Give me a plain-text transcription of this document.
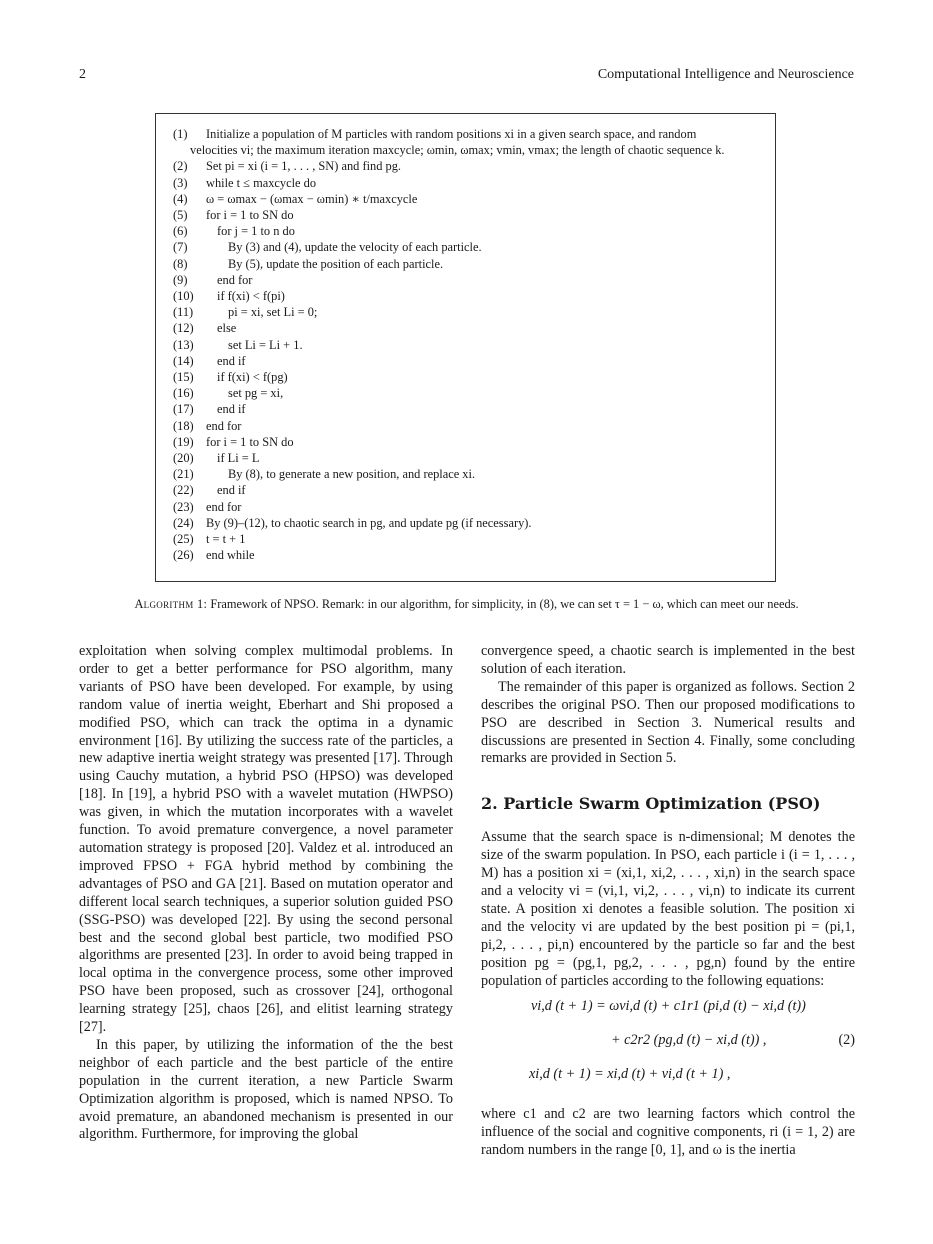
2	Computational Intelligence and Neuroscience
(1) Initialize a population of M particles with random positions xi in a given search space, and random
velocities vi; the maximum iteration maxcycle; ωmin, ωmax; vmin, vmax; the length of chaotic sequence k.
(2) Set pi = xi (i = 1, . . . , SN) and find pg.
(3) while t ≤ maxcycle do
(4) ω = ωmax − (ωmax − ωmin) ∗ t/maxcycle
(5) for i = 1 to SN do
(6) for j = 1 to n do
(7)	By (3) and (4), update the velocity of each particle.
(8)	By (5), update the position of each particle.
(9) end for
(10) if f(xi) < f(pi)
(11)	pi = xi, set Li = 0;
(12) else
(13)	set Li = Li + 1.
(14) end if
(15) if f(xi) < f(pg)
(16)	set pg = xi,
(17) end if
(18) end for
(19) for i = 1 to SN do
(20) if Li = L
(21)	By (8), to generate a new position, and replace xi.
(22) end if
(23) end for
(24) By (9)–(12), to chaotic search in pg, and update pg (if necessary).
(25) t = t + 1
(26) end while
Algorithm 1: Framework of NPSO. Remark: in our algorithm, for simplicity, in (8), we can set τ = 1 − ω, which can meet our needs.

exploitation when solving complex multimodal problems. In order to get a better performance for PSO algorithm, many variants of PSO have been developed. For example, by using random value of inertia weight, Eberhart and Shi proposed a modified PSO, which can track the optima in a dynamic environment [16]. By utilizing the success rate of the particles, a new adaptive inertia weight strategy was presented [17]. Through using Cauchy mutation, a hybrid PSO (HPSO) was developed [18]. In [19], a hybrid PSO with a wavelet mutation (HWPSO) was given, in which the mutation incorporates with a wavelet function. To avoid premature convergence, a novel parameter automation strategy is proposed [20]. Valdez et al. introduced an improved FPSO + FGA hybrid method by combining the advantages of PSO and GA [21]. Based on mutation operator and different local search techniques, a superior solution guided PSO (SSG-PSO) was developed [22]. By using the second personal best and the second global best particle, two modified PSO algorithms are presented [23]. In order to avoid being trapped in local optima in the convergence process, some other improved PSO have been proposed, such as crossover [24], orthogonal learning strategy [25], chaos [26], and elitist learning strategy [27].

In this paper, by utilizing the information of the the best neighbor of each particle and the best particle of the entire population in the current iteration, a new Particle Swarm Optimization algorithm is proposed, which is named NPSO. To avoid premature, an abandoned mechanism is presented in our algorithm. Furthermore, for improving the global

convergence speed, a chaotic search is implemented in the best solution of each iteration.

The remainder of this paper is organized as follows. Section 2 describes the original PSO. Then our proposed modifications to PSO are described in Section 3. Numerical results and discussions are presented in Section 4. Finally, some concluding remarks are provided in Section 5.

2. Particle Swarm Optimization (PSO)

Assume that the search space is n-dimensional; M denotes the size of the swarm population. In PSO, each particle i (i = 1, . . . , M) has a position xi = (xi,1, xi,2, . . . , xi,n) in the search space and a velocity vi = (vi,1, vi,2, . . . , vi,n) to indicate its current state. A position xi denotes a feasible solution. The position xi and the velocity vi are updated by the best position pi = (pi,1, pi,2, . . . , pi,n) encountered by the particle so far and the best position pg = (pg,1, pg,2, . . . , pg,n) found by the entire population of particles according to the following equations:

vi,d (t + 1) = ωvi,d (t) + c1r1 (pi,d (t) − xi,d (t))
+ c2r2 (pg,d (t) − xi,d (t)) ,
xi,d (t + 1) = xi,d (t) + vi,d (t + 1) ,
(2)

where c1 and c2 are two learning factors which control the influence of the social and cognitive components, ri (i = 1, 2) are random numbers in the range [0, 1], and ω is the inertia
